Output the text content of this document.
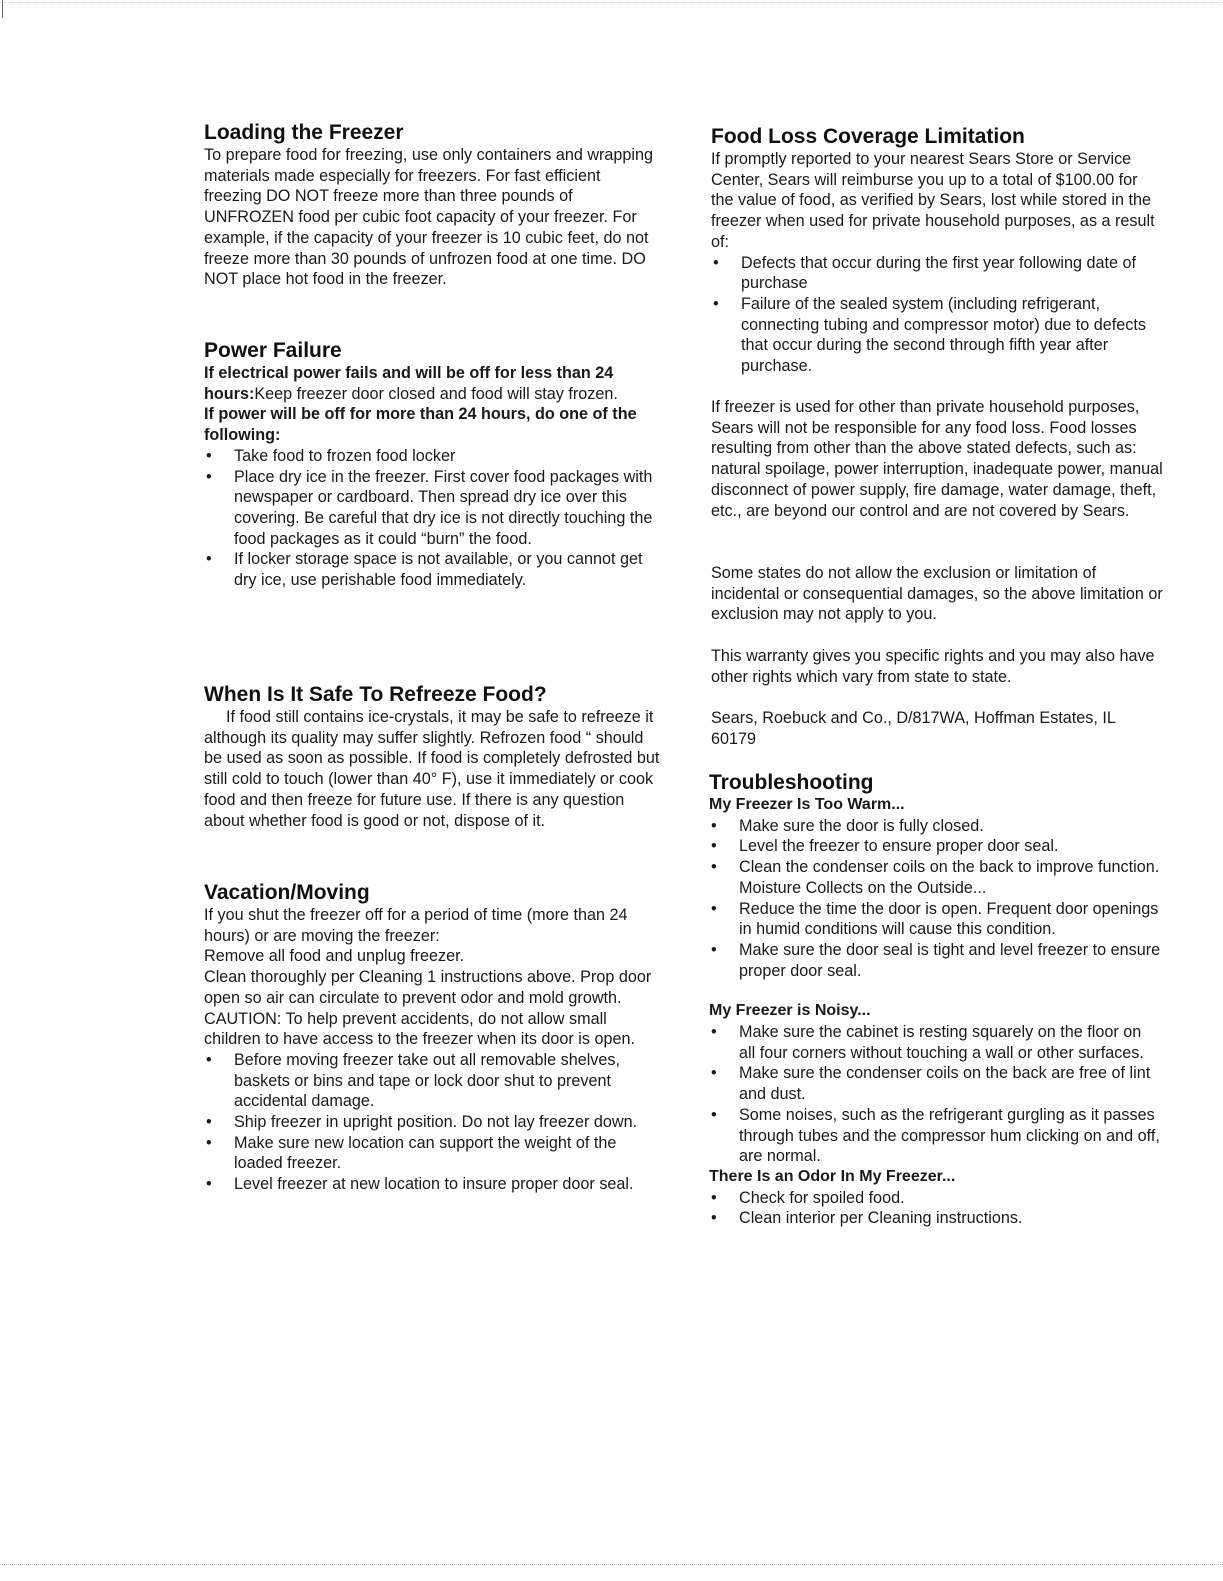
Loading the Freezer

To prepare food for freezing, use only containers and wrapping materials made especially for freezers. For fast efficient freezing DO NOT freeze more than three pounds of UNFROZEN food per cubic foot capacity of your freezer. For example, if the capacity of your freezer is 10 cubic feet, do not freeze more than 30 pounds of unfrozen food at one time. DO NOT place hot food in the freezer.

Power Failure

If electrical power fails and will be off for less than 24 hours:Keep freezer door closed and food will stay frozen.

If power will be off for more than 24 hours, do one of the following:

• Take food to frozen food locker
• Place dry ice in the freezer. First cover food packages with newspaper or cardboard. Then spread dry ice over this covering. Be careful that dry ice is not directly touching the food packages as it could “burn” the food.
• If locker storage space is not available, or you cannot get dry ice, use perishable food immediately.
When Is It Safe To Refreeze Food?

If food still contains ice-crystals, it may be safe to refreeze it although its quality may suffer slightly. Refrozen food “ should be used as soon as possible. If food is completely defrosted but still cold to touch (lower than 40° F), use it immediately or cook food and then freeze for future use. If there is any question about whether food is good or not, dispose of it.

Vacation/Moving

If you shut the freezer off for a period of time (more than 24 hours) or are moving the freezer:

Remove all food and unplug freezer.

Clean thoroughly per Cleaning 1 instructions above. Prop door open so air can circulate to prevent odor and mold growth. CAUTION: To help prevent accidents, do not allow small children to have access to the freezer when its door is open.

• Before moving freezer take out all removable shelves, baskets or bins and tape or lock door shut to prevent accidental damage.
• Ship freezer in upright position. Do not lay freezer down.
• Make sure new location can support the weight of the loaded freezer.
• Level freezer at new location to insure proper door seal.
Food Loss Coverage Limitation

If promptly reported to your nearest Sears Store or Service Center, Sears will reimburse you up to a total of $100.00 for the value of food, as verified by Sears, lost while stored in the freezer when used for private household purposes, as a result of:

• Defects that occur during the first year following date of purchase
• Failure of the sealed system (including refrigerant, connecting tubing and compressor motor) due to defects that occur during the second through fifth year after purchase.

If freezer is used for other than private household purposes, Sears will not be responsible for any food loss. Food losses resulting from other than the above stated defects, such as: natural spoilage, power interruption, inadequate power, manual disconnect of power supply, fire damage, water damage, theft, etc., are beyond our control and are not covered by Sears.

Some states do not allow the exclusion or limitation of incidental or consequential damages, so the above limitation or exclusion may not apply to you.

This warranty gives you specific rights and you may also have other rights which vary from state to state.

Sears, Roebuck and Co., D/817WA, Hoffman Estates, IL 60179

Troubleshooting

My Freezer Is Too Warm...

• Make sure the door is fully closed.
• Level the freezer to ensure proper door seal.
• Clean the condenser coils on the back to improve function.

Moisture Collects on the Outside...

• Reduce the time the door is open. Frequent door openings in humid conditions will cause this condition.
• Make sure the door seal is tight and level freezer to ensure proper door seal.

My Freezer is Noisy...

• Make sure the cabinet is resting squarely on the floor on all four corners without touching a wall or other surfaces.
• Make sure the condenser coils on the back are free of lint and dust.
• Some noises, such as the refrigerant gurgling as it passes through tubes and the compressor hum clicking on and off, are normal.

There Is an Odor In My Freezer...

• Check for spoiled food.
• Clean interior per Cleaning instructions.
